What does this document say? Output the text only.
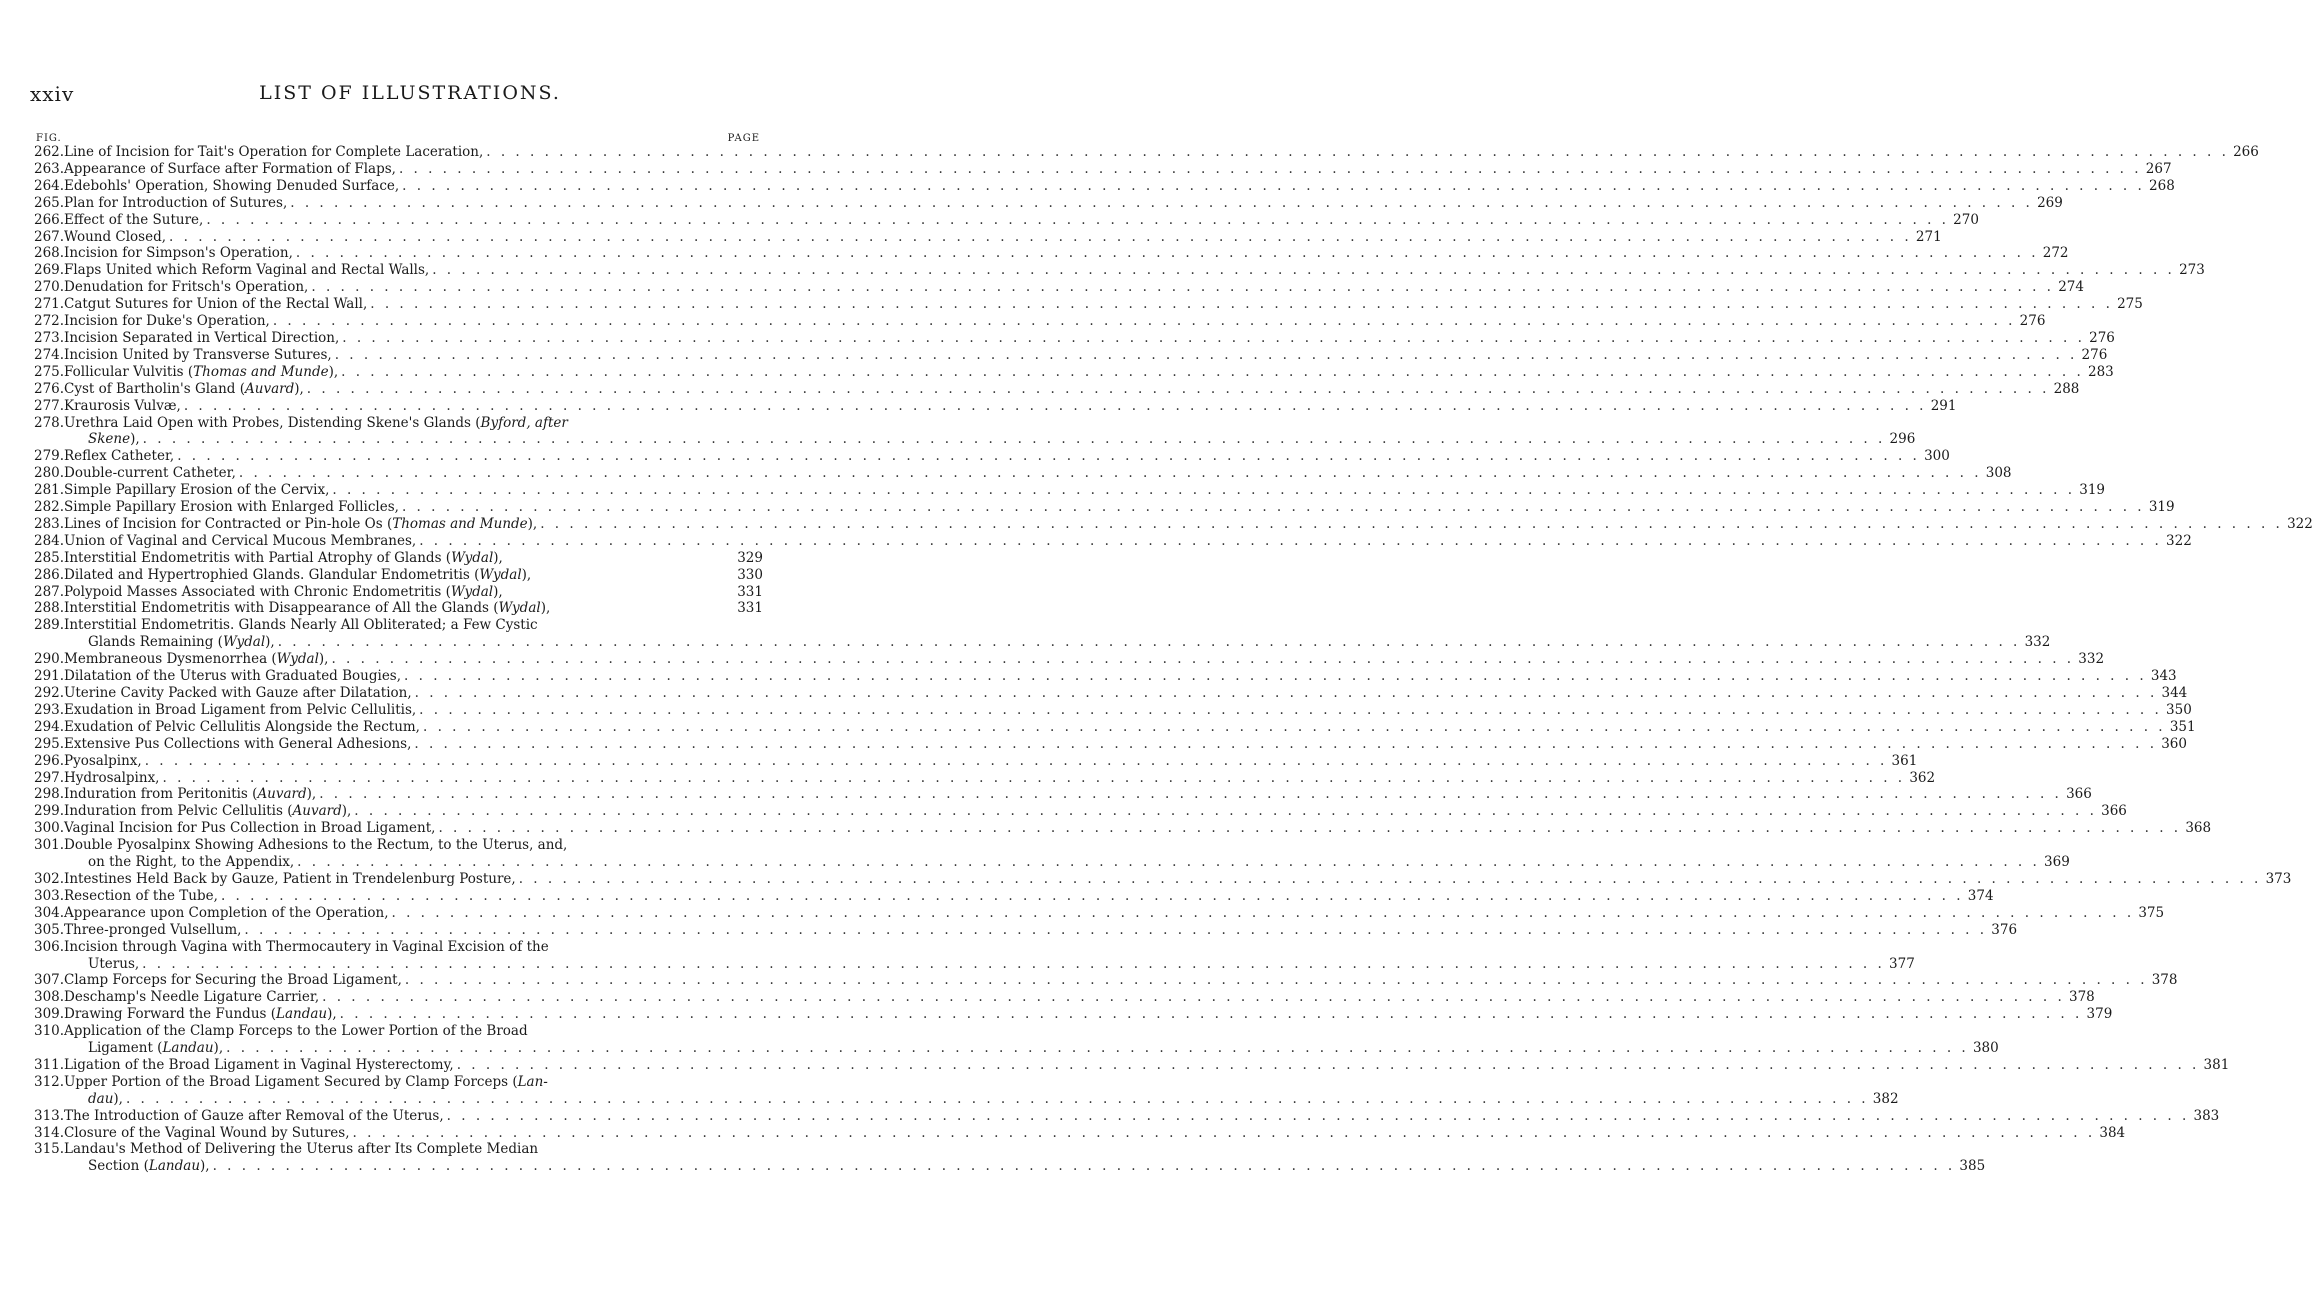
xxiv	LIST OF ILLUSTRATIONS.
FIG.	PAGE
262. Line of Incision for Tait's Operation for Complete Laceration, . . . . . . . . . . . . . . . . . . . . . . . . . . . . . . . . . . . . . . . . . . . . . . . . . . . . . . . . . . . . . . . . . . . . . . . . . . . . . . . . . . . . . . . . . . . . . . . . . . . . . . . . . . . . . . . . . . . . . . . . 266
263. Appearance of Surface after Formation of Flaps, . . . . . . . . . . . . . . . . . . . . . . . . . . . . . . . . . . . . . . . . . . . . . . . . . . . . . . . . . . . . . . . . . . . . . . . . . . . . . . . . . . . . . . . . . . . . . . . . . . . . . . . . . . . . . . . . . . . . . . . . 267
264. Edebohls' Operation, Showing Denuded Surface, . . . . . . . . . . . . . . . . . . . . . . . . . . . . . . . . . . . . . . . . . . . . . . . . . . . . . . . . . . . . . . . . . . . . . . . . . . . . . . . . . . . . . . . . . . . . . . . . . . . . . . . . . . . . . . . . . . . . . . . . 268
265. Plan for Introduction of Sutures, . . . . . . . . . . . . . . . . . . . . . . . . . . . . . . . . . . . . . . . . . . . . . . . . . . . . . . . . . . . . . . . . . . . . . . . . . . . . . . . . . . . . . . . . . . . . . . . . . . . . . . . . . . . . . . . . . . . . . . . . 269
266. Effect of the Suture, . . . . . . . . . . . . . . . . . . . . . . . . . . . . . . . . . . . . . . . . . . . . . . . . . . . . . . . . . . . . . . . . . . . . . . . . . . . . . . . . . . . . . . . . . . . . . . . . . . . . . . . . . . . . . . . . . . . . . . . . 270
267. Wound Closed, . . . . . . . . . . . . . . . . . . . . . . . . . . . . . . . . . . . . . . . . . . . . . . . . . . . . . . . . . . . . . . . . . . . . . . . . . . . . . . . . . . . . . . . . . . . . . . . . . . . . . . . . . . . . . . . . . . . . . . . . 271
268. Incision for Simpson's Operation, . . . . . . . . . . . . . . . . . . . . . . . . . . . . . . . . . . . . . . . . . . . . . . . . . . . . . . . . . . . . . . . . . . . . . . . . . . . . . . . . . . . . . . . . . . . . . . . . . . . . . . . . . . . . . . . . . . . . . . . . 272
269. Flaps United which Reform Vaginal and Rectal Walls, . . . . . . . . . . . . . . . . . . . . . . . . . . . . . . . . . . . . . . . . . . . . . . . . . . . . . . . . . . . . . . . . . . . . . . . . . . . . . . . . . . . . . . . . . . . . . . . . . . . . . . . . . . . . . . . . . . . . . . . . 273
270. Denudation for Fritsch's Operation, . . . . . . . . . . . . . . . . . . . . . . . . . . . . . . . . . . . . . . . . . . . . . . . . . . . . . . . . . . . . . . . . . . . . . . . . . . . . . . . . . . . . . . . . . . . . . . . . . . . . . . . . . . . . . . . . . . . . . . . . 274
271. Catgut Sutures for Union of the Rectal Wall, . . . . . . . . . . . . . . . . . . . . . . . . . . . . . . . . . . . . . . . . . . . . . . . . . . . . . . . . . . . . . . . . . . . . . . . . . . . . . . . . . . . . . . . . . . . . . . . . . . . . . . . . . . . . . . . . . . . . . . . . 275
272. Incision for Duke's Operation, . . . . . . . . . . . . . . . . . . . . . . . . . . . . . . . . . . . . . . . . . . . . . . . . . . . . . . . . . . . . . . . . . . . . . . . . . . . . . . . . . . . . . . . . . . . . . . . . . . . . . . . . . . . . . . . . . . . . . . . . 276
273. Incision Separated in Vertical Direction, . . . . . . . . . . . . . . . . . . . . . . . . . . . . . . . . . . . . . . . . . . . . . . . . . . . . . . . . . . . . . . . . . . . . . . . . . . . . . . . . . . . . . . . . . . . . . . . . . . . . . . . . . . . . . . . . . . . . . . . . 276
274. Incision United by Transverse Sutures, . . . . . . . . . . . . . . . . . . . . . . . . . . . . . . . . . . . . . . . . . . . . . . . . . . . . . . . . . . . . . . . . . . . . . . . . . . . . . . . . . . . . . . . . . . . . . . . . . . . . . . . . . . . . . . . . . . . . . . . . 276
275. Follicular Vulvitis (Thomas and Munde), . . . . . . . . . . . . . . . . . . . . . . . . . . . . . . . . . . . . . . . . . . . . . . . . . . . . . . . . . . . . . . . . . . . . . . . . . . . . . . . . . . . . . . . . . . . . . . . . . . . . . . . . . . . . . . . . . . . . . . . . 283
276. Cyst of Bartholin's Gland (Auvard), . . . . . . . . . . . . . . . . . . . . . . . . . . . . . . . . . . . . . . . . . . . . . . . . . . . . . . . . . . . . . . . . . . . . . . . . . . . . . . . . . . . . . . . . . . . . . . . . . . . . . . . . . . . . . . . . . . . . . . . . 288
277. Kraurosis Vulvæ, . . . . . . . . . . . . . . . . . . . . . . . . . . . . . . . . . . . . . . . . . . . . . . . . . . . . . . . . . . . . . . . . . . . . . . . . . . . . . . . . . . . . . . . . . . . . . . . . . . . . . . . . . . . . . . . . . . . . . . . . 291
278. Urethra Laid Open with Probes, Distending Skene's Glands (Byford, after
Skene), . . . . . . . . . . . . . . . . . . . . . . . . . . . . . . . . . . . . . . . . . . . . . . . . . . . . . . . . . . . . . . . . . . . . . . . . . . . . . . . . . . . . . . . . . . . . . . . . . . . . . . . . . . . . . . . . . . . . . . . . 296
279. Reflex Catheter, . . . . . . . . . . . . . . . . . . . . . . . . . . . . . . . . . . . . . . . . . . . . . . . . . . . . . . . . . . . . . . . . . . . . . . . . . . . . . . . . . . . . . . . . . . . . . . . . . . . . . . . . . . . . . . . . . . . . . . . . 300
280. Double-current Catheter, . . . . . . . . . . . . . . . . . . . . . . . . . . . . . . . . . . . . . . . . . . . . . . . . . . . . . . . . . . . . . . . . . . . . . . . . . . . . . . . . . . . . . . . . . . . . . . . . . . . . . . . . . . . . . . . . . . . . . . . . 308
281. Simple Papillary Erosion of the Cervix, . . . . . . . . . . . . . . . . . . . . . . . . . . . . . . . . . . . . . . . . . . . . . . . . . . . . . . . . . . . . . . . . . . . . . . . . . . . . . . . . . . . . . . . . . . . . . . . . . . . . . . . . . . . . . . . . . . . . . . . . 319
282. Simple Papillary Erosion with Enlarged Follicles, . . . . . . . . . . . . . . . . . . . . . . . . . . . . . . . . . . . . . . . . . . . . . . . . . . . . . . . . . . . . . . . . . . . . . . . . . . . . . . . . . . . . . . . . . . . . . . . . . . . . . . . . . . . . . . . . . . . . . . . . 319
283. Lines of Incision for Contracted or Pin-hole Os (Thomas and Munde), . . . . . . . . . . . . . . . . . . . . . . . . . . . . . . . . . . . . . . . . . . . . . . . . . . . . . . . . . . . . . . . . . . . . . . . . . . . . . . . . . . . . . . . . . . . . . . . . . . . . . . . . . . . . . . . . . . . . . . . . 322
284. Union of Vaginal and Cervical Mucous Membranes, . . . . . . . . . . . . . . . . . . . . . . . . . . . . . . . . . . . . . . . . . . . . . . . . . . . . . . . . . . . . . . . . . . . . . . . . . . . . . . . . . . . . . . . . . . . . . . . . . . . . . . . . . . . . . . . . . . . . . . . . 322
285. Interstitial Endometritis with Partial Atrophy of Glands (Wydal),	329
286. Dilated and Hypertrophied Glands. Glandular Endometritis (Wydal),	330
287. Polypoid Masses Associated with Chronic Endometritis (Wydal),	331
288. Interstitial Endometritis with Disappearance of All the Glands (Wydal),	331
289. Interstitial Endometritis. Glands Nearly All Obliterated; a Few Cystic
Glands Remaining (Wydal), . . . . . . . . . . . . . . . . . . . . . . . . . . . . . . . . . . . . . . . . . . . . . . . . . . . . . . . . . . . . . . . . . . . . . . . . . . . . . . . . . . . . . . . . . . . . . . . . . . . . . . . . . . . . . . . . . . . . . . . . 332
290. Membraneous Dysmenorrhea (Wydal), . . . . . . . . . . . . . . . . . . . . . . . . . . . . . . . . . . . . . . . . . . . . . . . . . . . . . . . . . . . . . . . . . . . . . . . . . . . . . . . . . . . . . . . . . . . . . . . . . . . . . . . . . . . . . . . . . . . . . . . . 332
291. Dilatation of the Uterus with Graduated Bougies, . . . . . . . . . . . . . . . . . . . . . . . . . . . . . . . . . . . . . . . . . . . . . . . . . . . . . . . . . . . . . . . . . . . . . . . . . . . . . . . . . . . . . . . . . . . . . . . . . . . . . . . . . . . . . . . . . . . . . . . . 343
292. Uterine Cavity Packed with Gauze after Dilatation, . . . . . . . . . . . . . . . . . . . . . . . . . . . . . . . . . . . . . . . . . . . . . . . . . . . . . . . . . . . . . . . . . . . . . . . . . . . . . . . . . . . . . . . . . . . . . . . . . . . . . . . . . . . . . . . . . . . . . . . . 344
293. Exudation in Broad Ligament from Pelvic Cellulitis, . . . . . . . . . . . . . . . . . . . . . . . . . . . . . . . . . . . . . . . . . . . . . . . . . . . . . . . . . . . . . . . . . . . . . . . . . . . . . . . . . . . . . . . . . . . . . . . . . . . . . . . . . . . . . . . . . . . . . . . . 350
294. Exudation of Pelvic Cellulitis Alongside the Rectum, . . . . . . . . . . . . . . . . . . . . . . . . . . . . . . . . . . . . . . . . . . . . . . . . . . . . . . . . . . . . . . . . . . . . . . . . . . . . . . . . . . . . . . . . . . . . . . . . . . . . . . . . . . . . . . . . . . . . . . . . 351
295. Extensive Pus Collections with General Adhesions, . . . . . . . . . . . . . . . . . . . . . . . . . . . . . . . . . . . . . . . . . . . . . . . . . . . . . . . . . . . . . . . . . . . . . . . . . . . . . . . . . . . . . . . . . . . . . . . . . . . . . . . . . . . . . . . . . . . . . . . . 360
296. Pyosalpinx, . . . . . . . . . . . . . . . . . . . . . . . . . . . . . . . . . . . . . . . . . . . . . . . . . . . . . . . . . . . . . . . . . . . . . . . . . . . . . . . . . . . . . . . . . . . . . . . . . . . . . . . . . . . . . . . . . . . . . . . . 361
297. Hydrosalpinx, . . . . . . . . . . . . . . . . . . . . . . . . . . . . . . . . . . . . . . . . . . . . . . . . . . . . . . . . . . . . . . . . . . . . . . . . . . . . . . . . . . . . . . . . . . . . . . . . . . . . . . . . . . . . . . . . . . . . . . . . 362
298. Induration from Peritonitis (Auvard), . . . . . . . . . . . . . . . . . . . . . . . . . . . . . . . . . . . . . . . . . . . . . . . . . . . . . . . . . . . . . . . . . . . . . . . . . . . . . . . . . . . . . . . . . . . . . . . . . . . . . . . . . . . . . . . . . . . . . . . . 366
299. Induration from Pelvic Cellulitis (Auvard), . . . . . . . . . . . . . . . . . . . . . . . . . . . . . . . . . . . . . . . . . . . . . . . . . . . . . . . . . . . . . . . . . . . . . . . . . . . . . . . . . . . . . . . . . . . . . . . . . . . . . . . . . . . . . . . . . . . . . . . . 366
300. Vaginal Incision for Pus Collection in Broad Ligament, . . . . . . . . . . . . . . . . . . . . . . . . . . . . . . . . . . . . . . . . . . . . . . . . . . . . . . . . . . . . . . . . . . . . . . . . . . . . . . . . . . . . . . . . . . . . . . . . . . . . . . . . . . . . . . . . . . . . . . . . 368
301. Double Pyosalpinx Showing Adhesions to the Rectum, to the Uterus, and,
on the Right, to the Appendix, . . . . . . . . . . . . . . . . . . . . . . . . . . . . . . . . . . . . . . . . . . . . . . . . . . . . . . . . . . . . . . . . . . . . . . . . . . . . . . . . . . . . . . . . . . . . . . . . . . . . . . . . . . . . . . . . . . . . . . . . 369
302. Intestines Held Back by Gauze, Patient in Trendelenburg Posture, . . . . . . . . . . . . . . . . . . . . . . . . . . . . . . . . . . . . . . . . . . . . . . . . . . . . . . . . . . . . . . . . . . . . . . . . . . . . . . . . . . . . . . . . . . . . . . . . . . . . . . . . . . . . . . . . . . . . . . . . 373
303. Resection of the Tube, . . . . . . . . . . . . . . . . . . . . . . . . . . . . . . . . . . . . . . . . . . . . . . . . . . . . . . . . . . . . . . . . . . . . . . . . . . . . . . . . . . . . . . . . . . . . . . . . . . . . . . . . . . . . . . . . . . . . . . . . 374
304. Appearance upon Completion of the Operation, . . . . . . . . . . . . . . . . . . . . . . . . . . . . . . . . . . . . . . . . . . . . . . . . . . . . . . . . . . . . . . . . . . . . . . . . . . . . . . . . . . . . . . . . . . . . . . . . . . . . . . . . . . . . . . . . . . . . . . . . 375
305. Three-pronged Vulsellum, . . . . . . . . . . . . . . . . . . . . . . . . . . . . . . . . . . . . . . . . . . . . . . . . . . . . . . . . . . . . . . . . . . . . . . . . . . . . . . . . . . . . . . . . . . . . . . . . . . . . . . . . . . . . . . . . . . . . . . . . 376
306. Incision through Vagina with Thermocautery in Vaginal Excision of the
Uterus, . . . . . . . . . . . . . . . . . . . . . . . . . . . . . . . . . . . . . . . . . . . . . . . . . . . . . . . . . . . . . . . . . . . . . . . . . . . . . . . . . . . . . . . . . . . . . . . . . . . . . . . . . . . . . . . . . . . . . . . . 377
307. Clamp Forceps for Securing the Broad Ligament, . . . . . . . . . . . . . . . . . . . . . . . . . . . . . . . . . . . . . . . . . . . . . . . . . . . . . . . . . . . . . . . . . . . . . . . . . . . . . . . . . . . . . . . . . . . . . . . . . . . . . . . . . . . . . . . . . . . . . . . . 378
308. Deschamp's Needle Ligature Carrier, . . . . . . . . . . . . . . . . . . . . . . . . . . . . . . . . . . . . . . . . . . . . . . . . . . . . . . . . . . . . . . . . . . . . . . . . . . . . . . . . . . . . . . . . . . . . . . . . . . . . . . . . . . . . . . . . . . . . . . . . 378
309. Drawing Forward the Fundus (Landau), . . . . . . . . . . . . . . . . . . . . . . . . . . . . . . . . . . . . . . . . . . . . . . . . . . . . . . . . . . . . . . . . . . . . . . . . . . . . . . . . . . . . . . . . . . . . . . . . . . . . . . . . . . . . . . . . . . . . . . . . 379
310. Application of the Clamp Forceps to the Lower Portion of the Broad
Ligament (Landau), . . . . . . . . . . . . . . . . . . . . . . . . . . . . . . . . . . . . . . . . . . . . . . . . . . . . . . . . . . . . . . . . . . . . . . . . . . . . . . . . . . . . . . . . . . . . . . . . . . . . . . . . . . . . . . . . . . . . . . . . 380
311. Ligation of the Broad Ligament in Vaginal Hysterectomy, . . . . . . . . . . . . . . . . . . . . . . . . . . . . . . . . . . . . . . . . . . . . . . . . . . . . . . . . . . . . . . . . . . . . . . . . . . . . . . . . . . . . . . . . . . . . . . . . . . . . . . . . . . . . . . . . . . . . . . . . 381
312. Upper Portion of the Broad Ligament Secured by Clamp Forceps (Lan-
dau), . . . . . . . . . . . . . . . . . . . . . . . . . . . . . . . . . . . . . . . . . . . . . . . . . . . . . . . . . . . . . . . . . . . . . . . . . . . . . . . . . . . . . . . . . . . . . . . . . . . . . . . . . . . . . . . . . . . . . . . . 382
313. The Introduction of Gauze after Removal of the Uterus, . . . . . . . . . . . . . . . . . . . . . . . . . . . . . . . . . . . . . . . . . . . . . . . . . . . . . . . . . . . . . . . . . . . . . . . . . . . . . . . . . . . . . . . . . . . . . . . . . . . . . . . . . . . . . . . . . . . . . . . . 383
314. Closure of the Vaginal Wound by Sutures, . . . . . . . . . . . . . . . . . . . . . . . . . . . . . . . . . . . . . . . . . . . . . . . . . . . . . . . . . . . . . . . . . . . . . . . . . . . . . . . . . . . . . . . . . . . . . . . . . . . . . . . . . . . . . . . . . . . . . . . . 384
315. Landau's Method of Delivering the Uterus after Its Complete Median
Section (Landau), . . . . . . . . . . . . . . . . . . . . . . . . . . . . . . . . . . . . . . . . . . . . . . . . . . . . . . . . . . . . . . . . . . . . . . . . . . . . . . . . . . . . . . . . . . . . . . . . . . . . . . . . . . . . . . . . . . . . . . . . 385
